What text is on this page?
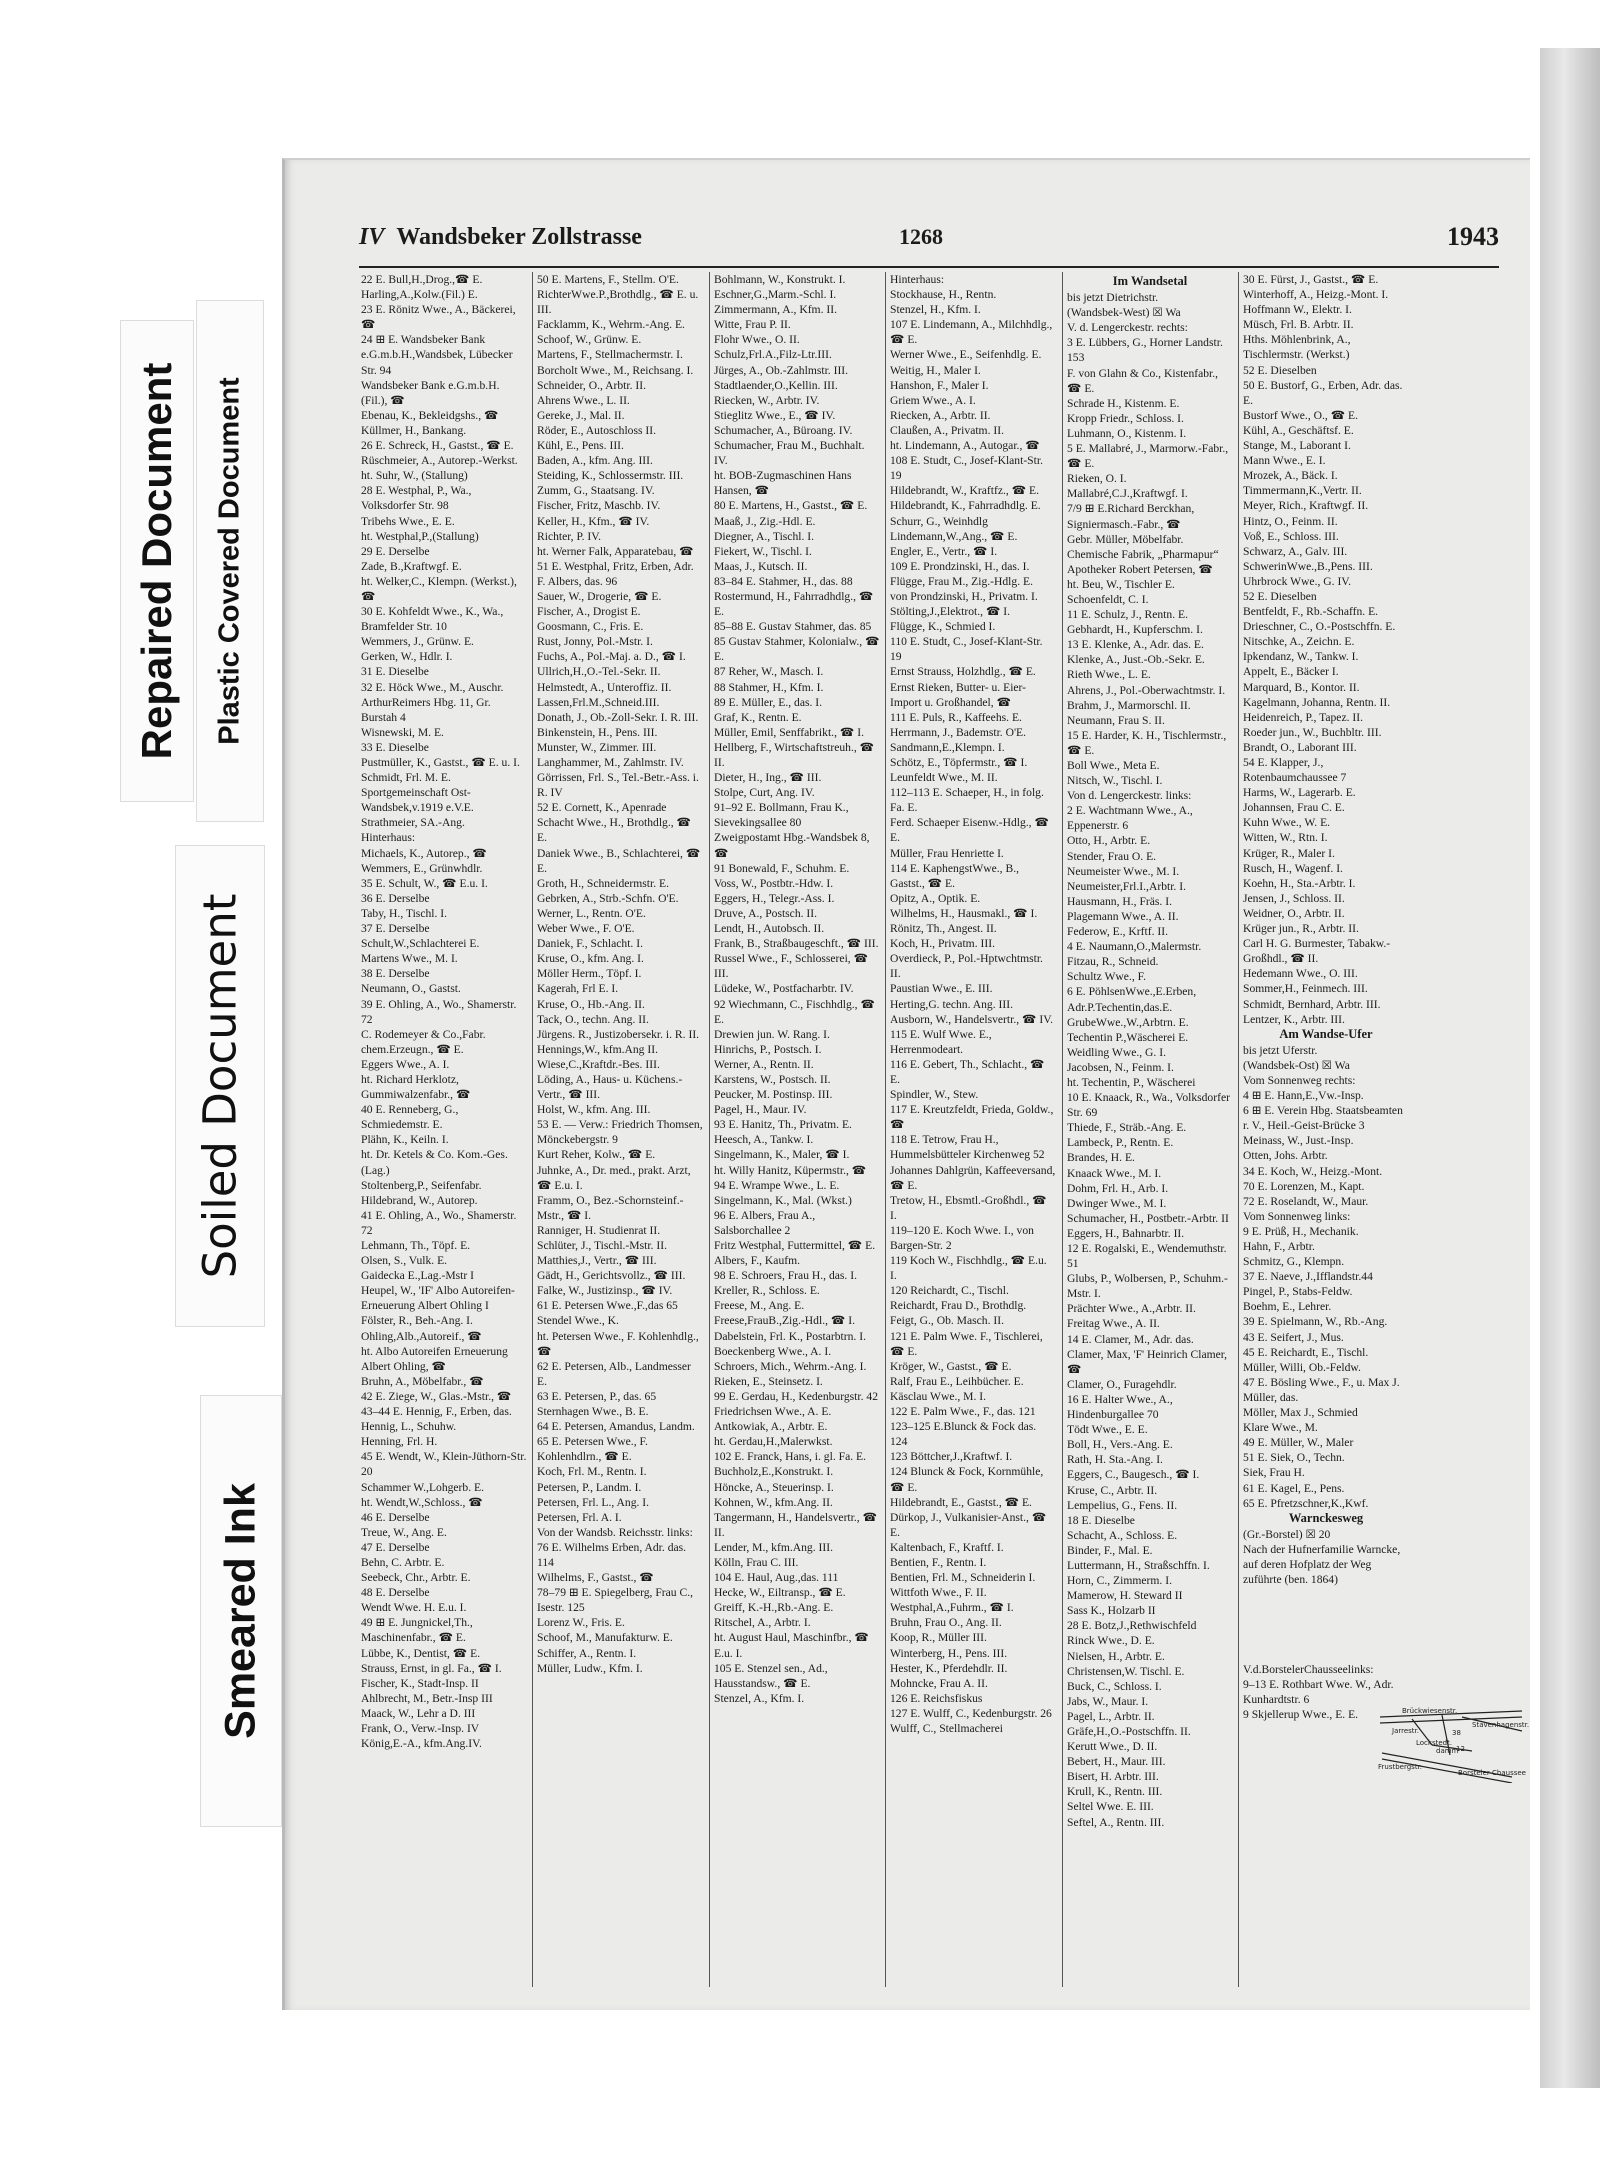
Repaired Document Plastic Covered Document
Soiled Document
Smeared Ink
IV Wandsbeker Zollstrasse	1268	1943
22 E. Bull,H.,Drog.,☎ E.
Harling,A.,Kolw.(Fil.) E.
23 E. Rönitz Wwe., A., Bäckerei, ☎
24 ⊞ E. Wandsbeker Bank e.G.m.b.H.,Wandsbek, Lübecker Str. 94
Wandsbeker Bank e.G.m.b.H. (Fil.), ☎
Ebenau, K., Bekleidgshs., ☎
Küllmer, H., Bankang.
26 E. Schreck, H., Gastst., ☎ E.
Rüschmeier, A., Autorep.-Werkst.
ht. Suhr, W., (Stallung)
28 E. Westphal, P., Wa., Volksdorfer Str. 98
Tribehs Wwe., E. E.
ht. Westphal,P.,(Stallung)
29 E. Derselbe
Zade, B.,Kraftwgf. E.
ht. Welker,C., Klempn. (Werkst.), ☎
30 E. Kohfeldt Wwe., K., Wa., Bramfelder Str. 10
Wemmers, J., Grünw. E.
Gerken, W., Hdlr. I.
31 E. Dieselbe
32 E. Höck Wwe., M., Auschr. ArthurReimers Hbg. 11, Gr. Burstah 4
Wisnewski, M. E.
33 E. Dieselbe
Pustmüller, K., Gastst., ☎ E. u. I.
Schmidt, Frl. M. E.
Sportgemeinschaft Ost-Wandsbek,v.1919 e.V.E.
Strathmeier, SA.-Ang.
Hinterhaus:
Michaels, K., Autorep., ☎
Wemmers, E., Grünwhdlr.
35 E. Schult, W., ☎ E.u. I.
36 E. Derselbe
Taby, H., Tischl. I.
37 E. Derselbe
Schult,W.,Schlachterei E.
Martens Wwe., M. I.
38 E. Derselbe
Neumann, O., Gastst.
39 E. Ohling, A., Wo., Shamerstr. 72
C. Rodemeyer & Co.,Fabr. chem.Erzeugn., ☎ E.
Eggers Wwe., A. I.
ht. Richard Herklotz, Gummiwalzenfabr., ☎
40 E. Renneberg, G., Schmiedemstr. E.
Plähn, K., Keiln. I.
ht. Dr. Ketels & Co. Kom.-Ges. (Lag.)
Stoltenberg,P., Seifenfabr.
Hildebrand, W., Autorep.
41 E. Ohling, A., Wo., Shamerstr. 72
Lehmann, Th., Töpf. E.
Olsen, S., Vulk. E.
Gaidecka E.,Lag.-Mstr I
Heupel, W., 'IF' Albo Autoreifen-Erneuerung Albert Ohling I
Fölster, R., Beh.-Ang. I.
Ohling,Alb.,Autoreif., ☎
ht. Albo Autoreifen Erneuerung Albert Ohling, ☎
Bruhn, A., Möbelfabr., ☎
42 E. Ziege, W., Glas.-Mstr., ☎
43–44 E. Hennig, F., Erben, das.
Hennig, L., Schuhw.
Henning, Frl. H.
45 E. Wendt, W., Klein-Jüthorn-Str. 20
Schammer W.,Lohgerb. E.
ht. Wendt,W.,Schloss., ☎
46 E. Derselbe
Treue, W., Ang. E.
47 E. Derselbe
Behn, C. Arbtr. E.
Seebeck, Chr., Arbtr. E.
48 E. Derselbe
Wendt Wwe. H. E.u. I.
49 ⊞ E. Jungnickel,Th., Maschinenfabr., ☎ E.
Lübbe, K., Dentist, ☎ E.
Strauss, Ernst, in gl. Fa., ☎ I.
Fischer, K., Stadt-Insp. II
Ahlbrecht, M., Betr.-Insp III
Maack, W., Lehr a D. III
Frank, O., Verw.-Insp. IV
König,E.-A., kfm.Ang.IV.
50 E. Martens, F., Stellm. O'E.
RichterWwe.P.,Brothdlg., ☎ E. u. III.
Facklamm, K., Wehrm.-Ang. E.
Schoof, W., Grünw. E.
Martens, F., Stellmachermstr. I.
Borcholt Wwe., M., Reichsang. I.
Schneider, O., Arbtr. II.
Ahrens Wwe., L. II.
Gereke, J., Mal. II.
Röder, E., Autoschloss II.
Kühl, E., Pens. III.
Baden, A., kfm. Ang. III.
Steiding, K., Schlossermstr. III.
Zumm, G., Staatsang. IV.
Fischer, Fritz, Maschb. IV.
Keller, H., Kfm., ☎ IV.
Richter, P. IV.
ht. Werner Falk, Apparatebau, ☎
51 E. Westphal, Fritz, Erben, Adr. F. Albers, das. 96
Sauer, W., Drogerie, ☎ E.
Fischer, A., Drogist E.
Goosmann, C., Fris. E.
Rust, Jonny, Pol.-Mstr. I.
Fuchs, A., Pol.-Maj. a. D., ☎ I.
Ullrich,H.,O.-Tel.-Sekr. II.
Helmstedt, A., Unteroffiz. II.
Lassen,Frl.M.,Schneid.III.
Donath, J., Ob.-Zoll-Sekr. I. R. III.
Binkenstein, H., Pens. III.
Munster, W., Zimmer. III.
Langhammer, M., Zahlmstr. IV.
Görrissen, Frl. S., Tel.-Betr.-Ass. i. R. IV
52 E. Cornett, K., Apenrade
Schacht Wwe., H., Brothdlg., ☎ E.
Daniek Wwe., B., Schlachterei, ☎ E.
Groth, H., Schneidermstr. E.
Gebrken, A., Strb.-Schfn. O'E.
Werner, L., Rentn. O'E.
Weber Wwe., F. O'E.
Daniek, F., Schlacht. I.
Kruse, O., kfm. Ang. I.
Möller Herm., Töpf. I.
Kagerah, Frl E. I.
Kruse, O., Hb.-Ang. II.
Tack, O., techn. Ang. II.
Jürgens. R., Justizobersekr. i. R. II.
Hennings,W., kfm.Ang II.
Wiese,C.,Kraftdr.-Bes. III.
Löding, A., Haus- u. Küchens.-Vertr., ☎ III.
Holst, W., kfm. Ang. III.
53 E. — Verw.: Friedrich Thomsen, Mönckebergstr. 9
Kurt Reher, Kolw., ☎ E.
Juhnke, A., Dr. med., prakt. Arzt, ☎ E.u. I.
Framm, O., Bez.-Schornsteinf.-Mstr., ☎ I.
Ranniger, H. Studienrat II.
Schlüter, J., Tischl.-Mstr. II.
Matthies,J., Vertr., ☎ III.
Gädt, H., Gerichtsvollz., ☎ III.
Falke, W., Justizinsp., ☎ IV.
61 E. Petersen Wwe.,F.,das 65
Stendel Wwe., K.
ht. Petersen Wwe., F. Kohlenhdlg., ☎
62 E. Petersen, Alb., Landmesser E.
63 E. Petersen, P., das. 65
Sternhagen Wwe., B. E.
64 E. Petersen, Amandus, Landm.
65 E. Petersen Wwe., F. Kohlenhdlrn., ☎ E.
Koch, Frl. M., Rentn. I.
Petersen, P., Landm. I.
Petersen, Frl. L., Ang. I.
Petersen, Frl. A. I.
Von der Wandsb. Reichsstr. links:
76 E. Wilhelms Erben, Adr. das. 114
Wilhelms, F., Gastst., ☎
78–79 ⊞ E. Spiegelberg, Frau C., Isestr. 125
Lorenz W., Fris. E.
Schoof, M., Manufakturw. E.
Schiffer, A., Rentn. I.
Müller, Ludw., Kfm. I.
Bohlmann, W., Konstrukt. I.
Eschner,G.,Marm.-Schl. I.
Zimmermann, A., Kfm. II.
Witte, Frau P. II.
Flohr Wwe., O. II.
Schulz,Frl.A.,Filz-Ltr.III.
Jürges, A., Ob.-Zahlmstr. III.
Stadtlaender,O.,Kellin. III.
Riecken, W., Arbtr. IV.
Stieglitz Wwe., E., ☎ IV.
Schumacher, A., Büroang. IV.
Schumacher, Frau M., Buchhalt. IV.
ht. BOB-Zugmaschinen Hans Hansen, ☎
80 E. Martens, H., Gastst., ☎ E.
Maaß, J., Zig.-Hdl. E.
Diegner, A., Tischl. I.
Fiekert, W., Tischl. I.
Maas, J., Kutsch. II.
83–84 E. Stahmer, H., das. 88
Rostermund, H., Fahrradhdlg., ☎ E.
85–88 E. Gustav Stahmer, das. 85
85 Gustav Stahmer, Kolonialw., ☎ E.
87 Reher, W., Masch. I.
88 Stahmer, H., Kfm. I.
89 E. Müller, E., das. I.
Graf, K., Rentn. E.
Müller, Emil, Senffabrikt., ☎ I.
Hellberg, F., Wirtschaftstreuh., ☎ II.
Dieter, H., Ing., ☎ III.
Stolpe, Curt, Ang. IV.
91–92 E. Bollmann, Frau K., Sievekingsallee 80
Zweigpostamt Hbg.-Wandsbek 8, ☎
91 Bonewald, F., Schuhm. E.
Voss, W., Postbtr.-Hdw. I.
Eggers, H., Telegr.-Ass. I.
Druve, A., Postsch. II.
Lendt, H., Autobsch. II.
Frank, B., Straßbaugeschft., ☎ III.
Russel Wwe., F., Schlosserei, ☎ III.
Lüdeke, W., Postfacharbtr. IV.
92 Wiechmann, C., Fischhdlg., ☎ E.
Drewien jun. W. Rang. I.
Hinrichs, P., Postsch. I.
Werner, A., Rentn. II.
Karstens, W., Postsch. II.
Peucker, M. Postinsp. III.
Pagel, H., Maur. IV.
93 E. Hanitz, Th., Privatm. E.
Heesch, A., Tankw. I.
Singelmann, K., Maler, ☎ I.
ht. Willy Hanitz, Küpermstr., ☎
94 E. Wrampe Wwe., L. E.
Singelmann, K., Mal. (Wkst.)
96 E. Albers, Frau A., Salsborchallee 2
Fritz Westphal, Futtermittel, ☎ E.
Albers, F., Kaufm.
98 E. Schroers, Frau H., das. I.
Kreller, R., Schloss. E.
Freese, M., Ang. E.
Freese,FrauB.,Zig.-Hdl., ☎ I.
Dabelstein, Frl. K., Postarbtrn. I.
Boeckenberg Wwe., A. I.
Schroers, Mich., Wehrm.-Ang. I.
Rieken, E., Steinsetz. I.
99 E. Gerdau, H., Kedenburgstr. 42
Friedrichsen Wwe., A. E.
Antkowiak, A., Arbtr. E.
ht. Gerdau,H.,Malerwkst.
102 E. Franck, Hans, i. gl. Fa. E.
Buchholz,E.,Konstrukt. I.
Höncke, A., Steuerinsp. I.
Kohnen, W., kfm.Ang. II.
Tangermann, H., Handelsvertr., ☎ II.
Lender, M., kfm.Ang. III.
Kölln, Frau C. III.
104 E. Haul, Aug.,das. 111
Hecke, W., Eiltransp., ☎ E.
Greiff, K.-H.,Rb.-Ang. E.
Ritschel, A., Arbtr. I.
ht. August Haul, Maschinfbr., ☎ E.u. I.
105 E. Stenzel sen., Ad., Hausstandsw., ☎ E.
Stenzel, A., Kfm. I.
Hinterhaus:
Stockhause, H., Rentn.
Stenzel, H., Kfm. I.
107 E. Lindemann, A., Milchhdlg., ☎ E.
Werner Wwe., E., Seifenhdlg. E.
Weitig, H., Maler I.
Hanshon, F., Maler I.
Griem Wwe., A. I.
Riecken, A., Arbtr. II.
Claußen, A., Privatm. II.
ht. Lindemann, A., Autogar., ☎
108 E. Studt, C., Josef-Klant-Str. 19
Hildebrandt, W., Kraftfz., ☎ E.
Hildebrandt, K., Fahrradhdlg. E.
Schurr, G., Weinhdlg
Lindemann,W.,Ang., ☎ E.
Engler, E., Vertr., ☎ I.
109 E. Prondzinski, H., das. I.
Flügge, Frau M., Zig.-Hdlg. E.
von Prondzinski, H., Privatm. I.
Stölting,J.,Elektrot., ☎ I.
Flügge, K., Schmied I.
110 E. Studt, C., Josef-Klant-Str. 19
Ernst Strauss, Holzhdlg., ☎ E.
Ernst Rieken, Butter- u. Eier-Import u. Großhandel, ☎
111 E. Puls, R., Kaffeehs. E.
Herrmann, J., Bademstr. O'E.
Sandmann,E.,Klempn. I.
Schötz, E., Töpfermstr., ☎ I.
Leunfeldt Wwe., M. II.
112–113 E. Schaeper, H., in folg. Fa. E.
Ferd. Schaeper Eisenw.-Hdlg., ☎ E.
Müller, Frau Henriette I.
114 E. KaphengstWwe., B., Gastst., ☎ E.
Opitz, A., Optik. E.
Wilhelms, H., Hausmakl., ☎ I.
Rönitz, Th., Angest. II.
Koch, H., Privatm. III.
Overdieck, P., Pol.-Hptwchtmstr. II.
Paustian Wwe., E. III.
Herting,G. techn. Ang. III.
Ausborn, W., Handelsvertr., ☎ IV.
115 E. Wulf Wwe. E., Herrenmodeart.
116 E. Gebert, Th., Schlacht., ☎ E.
Spindler, W., Stew.
117 E. Kreutzfeldt, Frieda, Goldw., ☎
118 E. Tetrow, Frau H., Hummelsbütteler Kirchenweg 52
Johannes Dahlgrün, Kaffeeversand, ☎ E.
Tretow, H., Ebsmtl.-Großhdl., ☎ I.
119–120 E. Koch Wwe. I., von Bargen-Str. 2
119 Koch W., Fischhdlg., ☎ E.u. I.
120 Reichardt, C., Tischl.
Reichardt, Frau D., Brothdlg.
Feigt, G., Ob. Masch. II.
121 E. Palm Wwe. F., Tischlerei, ☎ E.
Kröger, W., Gastst., ☎ E.
Ralf, Frau E., Leihbücher. E.
Käsclau Wwe., M. I.
122 E. Palm Wwe., F., das. 121
123–125 E.Blunck & Fock das. 124
123 Böttcher,J.,Kraftwf. I.
124 Blunck & Fock, Kornmühle, ☎ E.
Hildebrandt, E., Gastst., ☎ E.
Dürkop, J., Vulkanisier-Anst., ☎ E.
Kaltenbach, F., Kraftf. I.
Bentien, F., Rentn. I.
Bentien, Frl. M., Schneiderin I.
Wittfoth Wwe., F. II.
Westphal,A.,Fuhrm., ☎ I.
Bruhn, Frau O., Ang. II.
Koop, R., Müller III.
Winterberg, H., Pens. III.
Hester, K., Pferdehdlr. II.
Mohncke, Frau A. II.
126 E. Reichsfiskus
127 E. Wulff, C., Kedenburgstr. 26
Wulff, C., Stellmacherei
Im Wandsetal
bis jetzt Dietrichstr.
(Wandsbek-West) ☒ Wa
V. d. Lengerckestr. rechts:
3 E. Lübbers, G., Horner Landstr. 153
F. von Glahn & Co., Kistenfabr., ☎ E.
Schrade H., Kistenm. E.
Kropp Friedr., Schloss. I.
Luhmann, O., Kistenm. I.
5 E. Mallabré, J., Marmorw.-Fabr., ☎ E.
Rieken, O. I.
Mallabré,C.J.,Kraftwgf. I.
7/9 ⊞ E.Richard Berckhan, Signiermasch.-Fabr., ☎
Gebr. Müller, Möbelfabr.
Chemische Fabrik, „Pharmapur“ Apotheker Robert Petersen, ☎
ht. Beu, W., Tischler E.
Schoenfeldt, C. I.
11 E. Schulz, J., Rentn. E.
Gebhardt, H., Kupferschm. I.
13 E. Klenke, A., Adr. das. E.
Klenke, A., Just.-Ob.-Sekr. E.
Rieth Wwe., L. E.
Ahrens, J., Pol.-Oberwachtmstr. I.
Brahm, J., Marmorschl. II.
Neumann, Frau S. II.
15 E. Harder, K. H., Tischlermstr., ☎ E.
Boll Wwe., Meta E.
Nitsch, W., Tischl. I.
Von d. Lengerckestr. links:
2 E. Wachtmann Wwe., A., Eppenerstr. 6
Otto, H., Arbtr. E.
Stender, Frau O. E.
Neumeister Wwe., M. I.
Neumeister,Frl.I.,Arbtr. I.
Hausmann, H., Fräs. I.
Plagemann Wwe., A. II.
Federow, E., Krftf. II.
4 E. Naumann,O.,Malermstr.
Fitzau, R., Schneid.
Schultz Wwe., F.
6 E. PöhlsenWwe.,E.Erben, Adr.P.Techentin,das.E.
GrubeWwe.,W.,Arbtrn. E.
Techentin P.,Wäscherei E.
Weidling Wwe., G. I.
Jacobsen, N., Feinm. I.
ht. Techentin, P., Wäscherei
10 E. Knaack, R., Wa., Volksdorfer Str. 69
Thiede, F., Sträb.-Ang. E.
Lambeck, P., Rentn. E.
Brandes, H. E.
Knaack Wwe., M. I.
Dohm, Frl. H., Arb. I.
Dwinger Wwe., M. I.
Schumacher, H., Postbetr.-Arbtr. II
Eggers, H., Bahnarbtr. II.
12 E. Rogalski, E., Wendemuthstr. 51
Glubs, P., Wolbersen, P., Schuhm.-Mstr. I.
Prächter Wwe., A.,Arbtr. II.
Freitag Wwe., A. II.
14 E. Clamer, M., Adr. das.
Clamer, Max, 'F' Heinrich Clamer, ☎
Clamer, O., Furagehdlr.
16 E. Halter Wwe., A., Hindenburgallee 70
Tödt Wwe., E. E.
Boll, H., Vers.-Ang. E.
Rath, H. Sta.-Ang. I.
Eggers, C., Baugesch., ☎ I.
Kruse, C., Arbtr. II.
Lempelius, G., Fens. II.
18 E. Dieselbe
Schacht, A., Schloss. E.
Binder, F., Mal. E.
Luttermann, H., Straßschffn. I.
Horn, C., Zimmerm. I.
Mamerow, H. Steward II
Sass K., Holzarb II
28 E. Botz,J.,Rethwischfeld
Rinck Wwe., D. E.
Nielsen, H., Arbtr. E.
Christensen,W. Tischl. E.
Buck, C., Schloss. I.
Jabs, W., Maur. I.
Pagel, L., Arbtr. II.
Gräfe,H.,O.-Postschffn. II.
Kerutt Wwe., D. II.
Bebert, H., Maur. III.
Bisert, H. Arbtr. III.
Krull, K., Rentn. III.
Seltel Wwe. E. III.
Seftel, A., Rentn. III.
30 E. Fürst, J., Gastst., ☎ E.
Winterhoff, A., Heizg.-Mont. I.
Hoffmann W., Elektr. I.
Müsch, Frl. B. Arbtr. II.
Hths. Möhlenbrink, A., Tischlermstr. (Werkst.)
52 E. Dieselben
50 E. Bustorf, G., Erben, Adr. das. E.
Bustorf Wwe., O., ☎ E.
Kühl, A., Geschäftsf. E.
Stange, M., Laborant I.
Mann Wwe., E. I.
Mrozek, A., Bäck. I.
Timmermann,K.,Vertr. II.
Meyer, Rich., Kraftwgf. II.
Hintz, O., Feinm. II.
Voß, E., Schloss. III.
Schwarz, A., Galv. III.
SchwerinWwe.,B.,Pens. III.
Uhrbrock Wwe., G. IV.
52 E. Dieselben
Bentfeldt, F., Rb.-Schaffn. E.
Drieschner, C., O.-Postschffn. E.
Nitschke, A., Zeichn. E.
Ipkendanz, W., Tankw. I.
Appelt, E., Bäcker I.
Marquard, B., Kontor. II.
Kagelmann, Johanna, Rentn. II.
Heidenreich, P., Tapez. II.
Roeder jun., W., Buchbltr. III.
Brandt, O., Laborant III.
54 E. Klapper, J., Rotenbaumchaussee 7
Harms, W., Lagerarb. E.
Johannsen, Frau C. E.
Kuhn Wwe., W. E.
Witten, W., Rtn. I.
Krüger, R., Maler I.
Rusch, H., Wagenf. I.
Koehn, H., Sta.-Arbtr. I.
Jensen, J., Schloss. II.
Weidner, O., Arbtr. II.
Krüger jun., R., Arbtr. II.
Carl H. G. Burmester, Tabakw.-Großhdl., ☎ II.
Hedemann Wwe., O. III.
Sommer,H., Feinmech. III.
Schmidt, Bernhard, Arbtr. III.
Lentzer, K., Arbtr. III.
Am Wandse-Ufer
bis jetzt Uferstr.
(Wandsbek-Ost) ☒ Wa
Vom Sonnenweg rechts:
4 ⊞ E. Hann,E.,Vw.-Insp.
6 ⊞ E. Verein Hbg. Staatsbeamten r. V., Heil.-Geist-Brücke 3
Meinass, W., Just.-Insp.
Otten, Johs. Arbtr.
34 E. Koch, W., Heizg.-Mont.
70 E. Lorenzen, M., Kapt.
72 E. Roselandt, W., Maur.
Vom Sonnenweg links:
9 E. Prüß, H., Mechanik.
Hahn, F., Arbtr.
Schmitz, G., Klempn.
37 E. Naeve, J.,Ifflandstr.44
Pingel, P., Stabs-Feldw.
Boehm, E., Lehrer.
39 E. Spielmann, W., Rb.-Ang.
43 E. Seifert, J., Mus.
45 E. Reichardt, E., Tischl.
Müller, Willi, Ob.-Feldw.
47 E. Bösling Wwe., F., u. Max J. Müller, das.
Möller, Max J., Schmied
Klare Wwe., M.
49 E. Müller, W., Maler
51 E. Siek, O., Techn.
Siek, Frau H.
61 E. Kagel, E., Pens.
65 E. Pfretzschner,K.,Kwf.
Warnckesweg
(Gr.-Borstel) ☒ 20
Nach der Hufnerfamilie Warncke, auf deren Hofplatz der Weg zuführte (ben. 1864)
V.d.BorstelerChausseelinks:
9–13 E. Rothbart Wwe. W., Adr. Kunhardtstr. 6
9 Skjellerup Wwe., E. E.	Brückwiesenstr.
Stavenhagenstr.
Jarrestr.
Lockstedt.
damm
Frustbergstr.
Borsteler Chaussee
38
12
